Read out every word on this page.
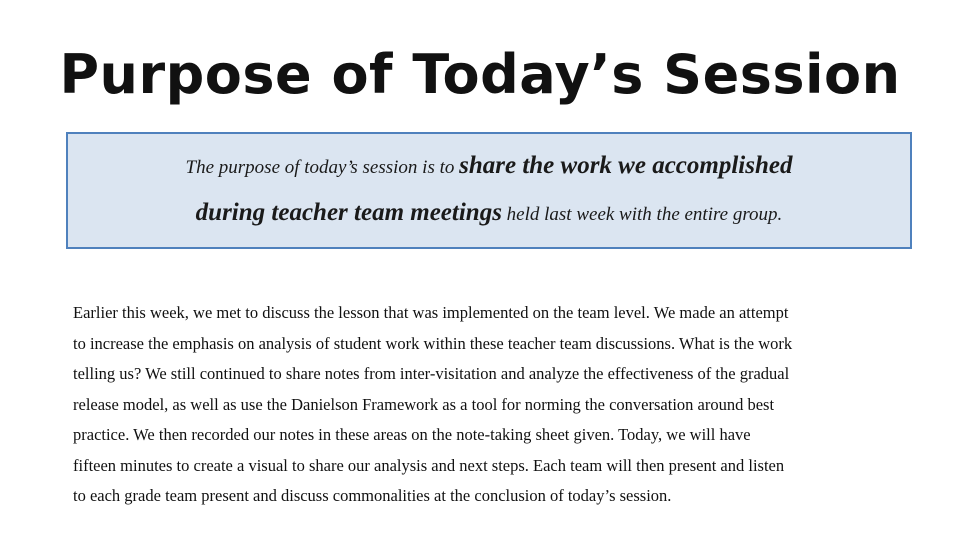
Purpose of Today’s Session
The purpose of today’s session is to share the work we accomplished
during teacher team meetings held last week with the entire group.
Earlier this week, we met to discuss the lesson that was implemented on the team level. We made an attempt
to increase the emphasis on analysis of student work within these teacher team discussions. What is the work
telling us? We still continued to share notes from inter-visitation and analyze the effectiveness of the gradual
release model, as well as use the Danielson Framework as a tool for norming the conversation around best
practice. We then recorded our notes in these areas on the note-taking sheet given. Today, we will have
fifteen minutes to create a visual to share our analysis and next steps. Each team will then present and listen
to each grade team present and discuss commonalities at the conclusion of today’s session.
